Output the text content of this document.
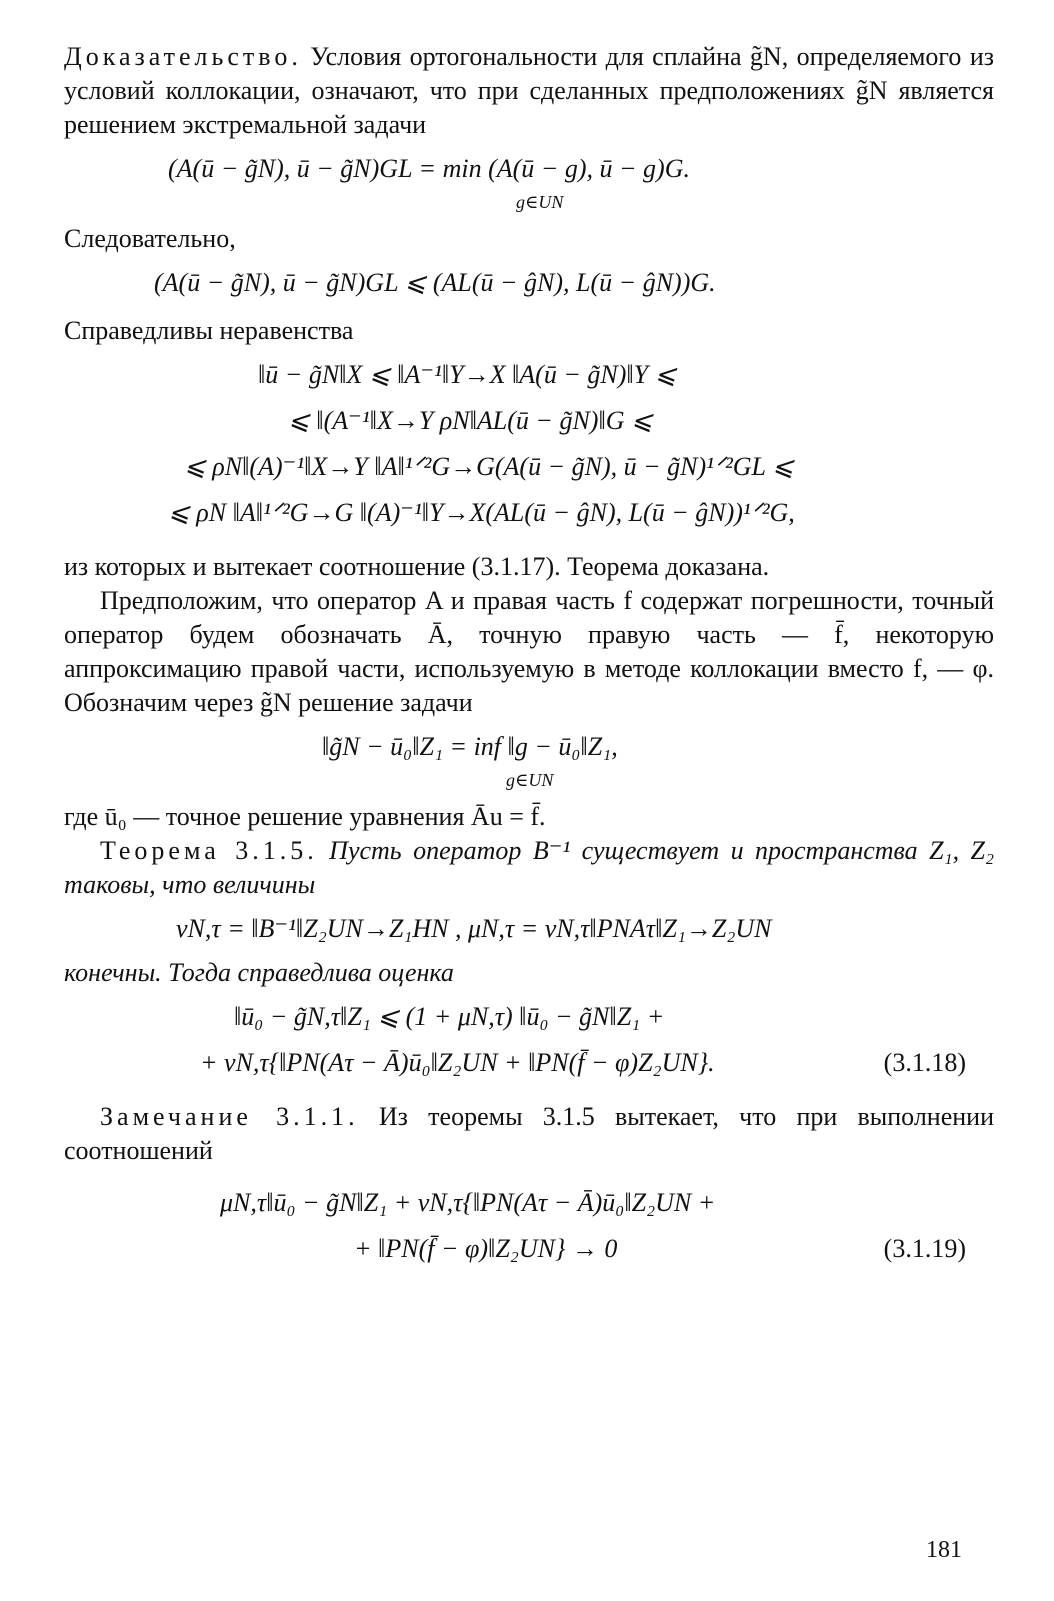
Доказательство. Условия ортогональности для сплайна g̃N, определяемого из условий коллокации, означают, что при сделанных предположениях g̃N является решением экстремальной задачи

(A(ū − g̃N), ū − g̃N)GL = min (A(ū − g), ū − g)G.
g∈UN

Следовательно,

(A(ū − g̃N), ū − g̃N)GL ⩽ (AL(ū − ĝN), L(ū − ĝN))G.

Справедливы неравенства

‖ū − g̃N‖X ⩽ ‖A⁻¹‖Y→X ‖A(ū − g̃N)‖Y ⩽
⩽ ‖(A⁻¹‖X→Y ρN‖AL(ū − g̃N)‖G ⩽
⩽ ρN‖(A)⁻¹‖X→Y ‖A‖¹ᐟ²G→G(A(ū − g̃N), ū − g̃N)¹ᐟ²GL ⩽
⩽ ρN ‖A‖¹ᐟ²G→G ‖(A)⁻¹‖Y→X(AL(ū − ĝN), L(ū − ĝN))¹ᐟ²G,

из которых и вытекает соотношение (3.1.17). Теорема доказана.

Предположим, что оператор A и правая часть f содержат погрешности, точный оператор будем обозначать Ā, точную правую часть — f̄, некоторую аппроксимацию правой части, используемую в методе коллокации вместо f, — φ. Обозначим через g̃N решение задачи

‖g̃N − ū₀‖Z₁ = inf ‖g − ū₀‖Z₁,
g∈UN

где ū₀ — точное решение уравнения Āu = f̄.

Теорема 3.1.5. Пусть оператор B⁻¹ существует и пространства Z₁, Z₂ таковы, что величины

νN,τ = ‖B⁻¹‖Z₂UN→Z₁HN , μN,τ = νN,τ‖PNAτ‖Z₁→Z₂UN

конечны. Тогда справедлива оценка

‖ū₀ − g̃N,τ‖Z₁ ⩽ (1 + μN,τ) ‖ū₀ − g̃N‖Z₁ +
+ νN,τ{‖PN(Aτ − Ā)ū₀‖Z₂UN + ‖PN(f̄ − φ)Z₂UN}.	(3.1.18)

Замечание 3.1.1. Из теоремы 3.1.5 вытекает, что при выполнении соотношений

μN,τ‖ū₀ − g̃N‖Z₁ + νN,τ{‖PN(Aτ − Ā)ū₀‖Z₂UN +
+ ‖PN(f̄ − φ)‖Z₂UN} → 0	(3.1.19)
181
